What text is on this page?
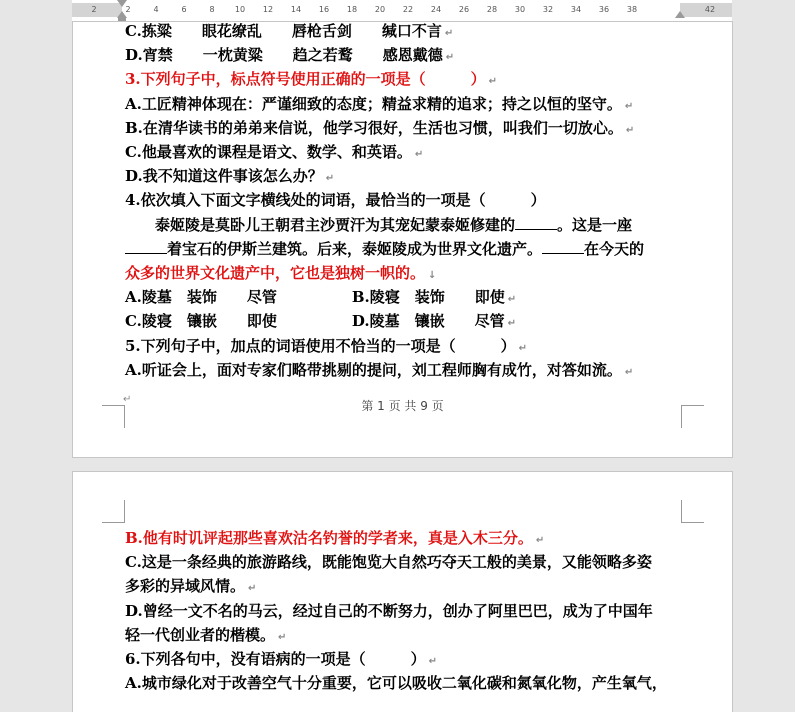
2	2	4	6	8	10 12 14 16 18 20 22 24 26 28 30 32 34 36 38	42
C.拣粱　　眼花缭乱　　唇枪舌剑　　缄口不言 ↵
D.宵禁　　一枕黄粱　　趋之若鹜　　感恩戴德 ↵
3.下列句子中，标点符号使用正确的一项是（　　　） ↵
A.工匠精神体现在：严谨细致的态度；精益求精的追求；持之以恒的坚守。 ↵
B.在清华读书的弟弟来信说，他学习很好，生活也习惯，叫我们一切放心。 ↵
C.他最喜欢的课程是语文、数学、和英语。 ↵
D.我不知道这件事该怎么办？ ↵
4.依次填入下面文字横线处的词语，最恰当的一项是（　　　）
　　泰姬陵是莫卧儿王朝君主沙贾汗为其宠妃蒙泰姬修建的	。这是一座
着宝石的伊斯兰建筑。后来，泰姬陵成为世界文化遗产。	在今天的
众多的世界文化遗产中，它也是独树一帜的。 ↓
A.陵墓　装饰　　尽管　　　　　B.陵寝　装饰　　即使 ↵
C.陵寝　镶嵌　　即使　　　　　D.陵墓　镶嵌　　尽管 ↵
5.下列句子中，加点的词语使用不恰当的一项是（　　　） ↵
A.听证会上，面对专家们略带挑剔的提问，刘工程师胸有成竹，对答如流。 ↵
↵	第 1 页 共 9 页
B.他有时讥评起那些喜欢沽名钓誉的学者来，真是入木三分。 ↵
C.这是一条经典的旅游路线，既能饱览大自然巧夺天工般的美景，又能领略多姿
多彩的异域风情。 ↵
D.曾经一文不名的马云，经过自己的不断努力，创办了阿里巴巴，成为了中国年
轻一代创业者的楷模。 ↵
6.下列各句中，没有语病的一项是（　　　） ↵
A.城市绿化对于改善空气十分重要，它可以吸收二氧化碳和氮氧化物，产生氧气，
